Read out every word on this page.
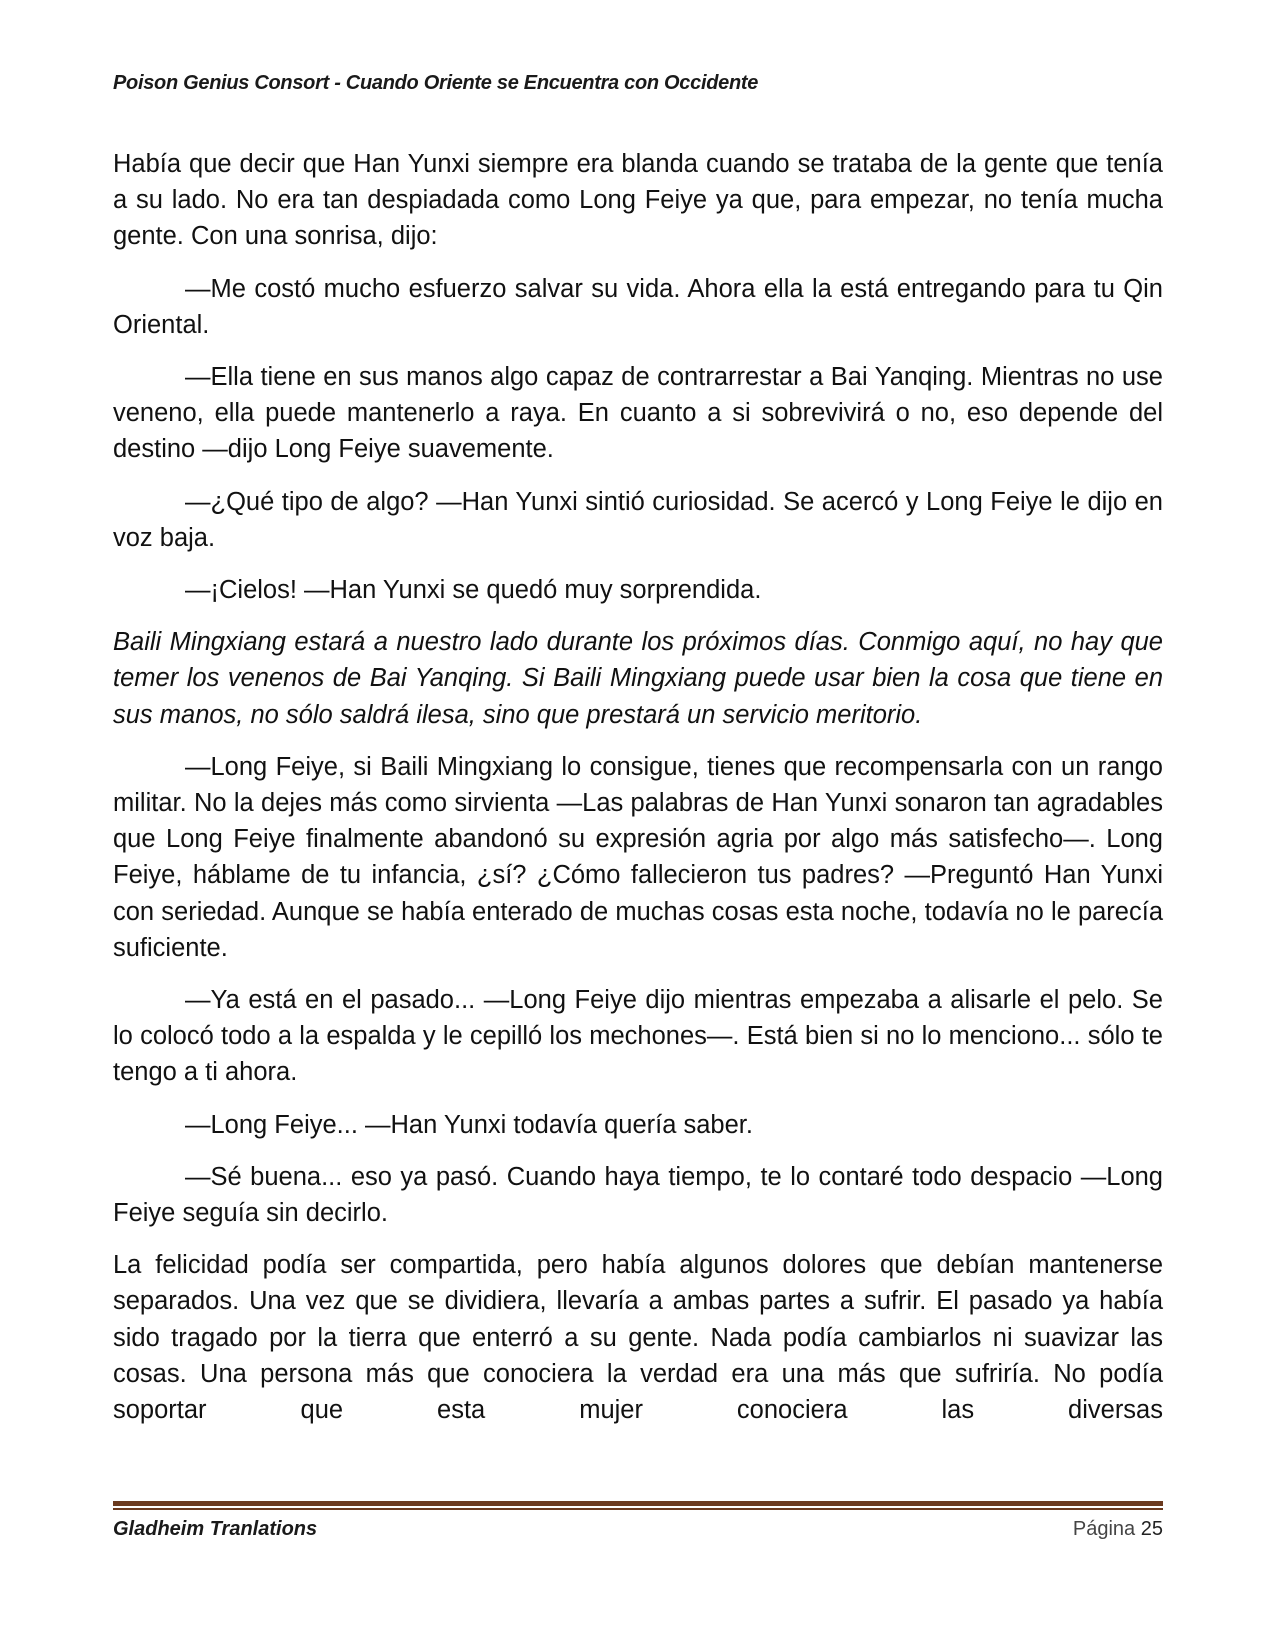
Poison Genius Consort - Cuando Oriente se Encuentra con Occidente

Había que decir que Han Yunxi siempre era blanda cuando se trataba de la gente que tenía a su lado. No era tan despiadada como Long Feiye ya que, para empezar, no tenía mucha gente. Con una sonrisa, dijo:

—Me costó mucho esfuerzo salvar su vida. Ahora ella la está entregando para tu Qin Oriental.

—Ella tiene en sus manos algo capaz de contrarrestar a Bai Yanqing. Mientras no use veneno, ella puede mantenerlo a raya. En cuanto a si sobrevivirá o no, eso depende del destino —dijo Long Feiye suavemente.

—¿Qué tipo de algo? —Han Yunxi sintió curiosidad. Se acercó y Long Feiye le dijo en voz baja.

—¡Cielos! —Han Yunxi se quedó muy sorprendida.

Baili Mingxiang estará a nuestro lado durante los próximos días. Conmigo aquí, no hay que temer los venenos de Bai Yanqing. Si Baili Mingxiang puede usar bien la cosa que tiene en sus manos, no sólo saldrá ilesa, sino que prestará un servicio meritorio.

—Long Feiye, si Baili Mingxiang lo consigue, tienes que recompensarla con un rango militar. No la dejes más como sirvienta —Las palabras de Han Yunxi sonaron tan agradables que Long Feiye finalmente abandonó su expresión agria por algo más satisfecho—. Long Feiye, háblame de tu infancia, ¿sí? ¿Cómo fallecieron tus padres? —Preguntó Han Yunxi con seriedad. Aunque se había enterado de muchas cosas esta noche, todavía no le parecía suficiente.

—Ya está en el pasado... —Long Feiye dijo mientras empezaba a alisarle el pelo. Se lo colocó todo a la espalda y le cepilló los mechones—. Está bien si no lo menciono... sólo te tengo a ti ahora.

—Long Feiye... —Han Yunxi todavía quería saber.

—Sé buena... eso ya pasó. Cuando haya tiempo, te lo contaré todo despacio —Long Feiye seguía sin decirlo.

La felicidad podía ser compartida, pero había algunos dolores que debían mantenerse separados. Una vez que se dividiera, llevaría a ambas partes a sufrir. El pasado ya había sido tragado por la tierra que enterró a su gente. Nada podía cambiarlos ni suavizar las cosas. Una persona más que conociera la verdad era una más que sufriría. No podía soportar que esta mujer conociera las diversas

Gladheim Tranlations	Página 25
